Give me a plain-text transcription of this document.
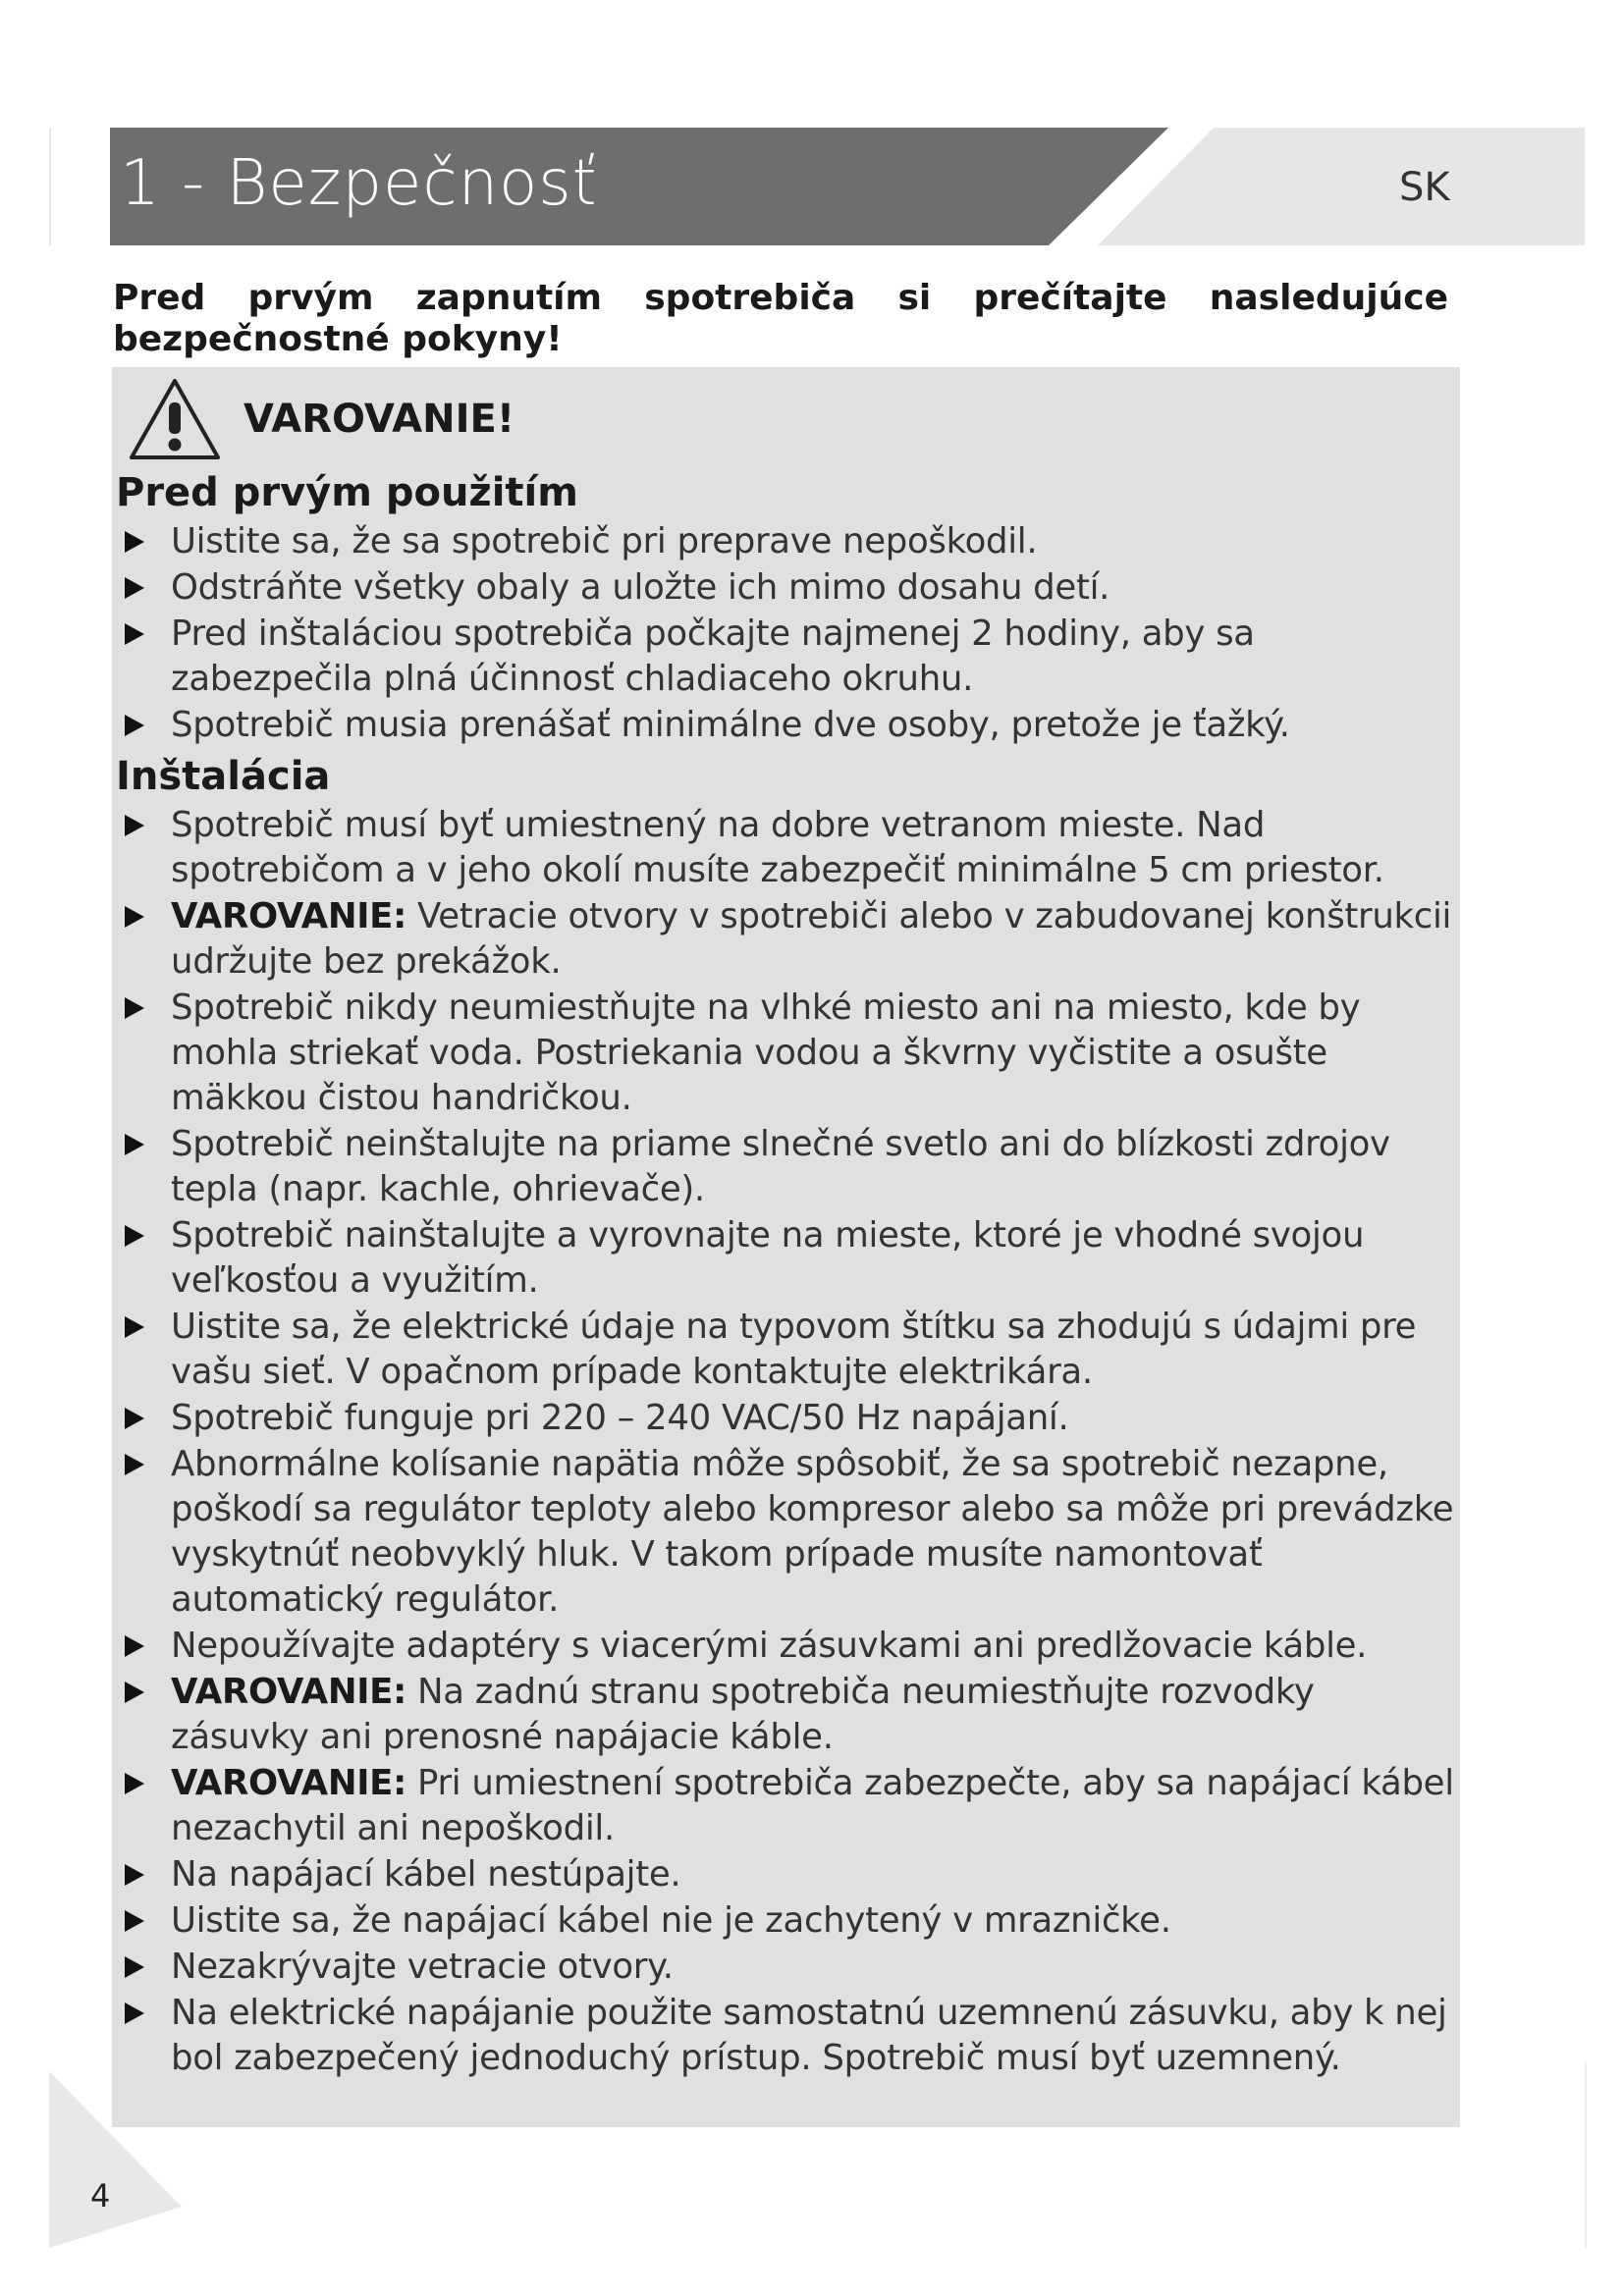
1 - Bezpečnosť	SK
Pred prvým zapnutím spotrebiča si prečítajte nasledujúce bezpečnostné pokyny!
VAROVANIE!
Pred prvým použitím
Uistite sa, že sa spotrebič pri preprave nepoškodil.
Odstráňte všetky obaly a uložte ich mimo dosahu detí.
Pred inštaláciou spotrebiča počkajte najmenej 2 hodiny, aby sa zabezpečila plná účinnosť chladiaceho okruhu.
Spotrebič musia prenášať minimálne dve osoby, pretože je ťažký.
Inštalácia
Spotrebič musí byť umiestnený na dobre vetranom mieste. Nad spotrebičom a v jeho okolí musíte zabezpečiť minimálne 5 cm priestor.
VAROVANIE: Vetracie otvory v spotrebiči alebo v zabudovanej konštrukcii udržujte bez prekážok.
Spotrebič nikdy neumiestňujte na vlhké miesto ani na miesto, kde by mohla striekať voda. Postriekania vodou a škvrny vyčistite a osušte mäkkou čistou handričkou.
Spotrebič neinštalujte na priame slnečné svetlo ani do blízkosti zdrojov tepla (napr. kachle, ohrievače).
Spotrebič nainštalujte a vyrovnajte na mieste, ktoré je vhodné svojou veľkosťou a využitím.
Uistite sa, že elektrické údaje na typovom štítku sa zhodujú s údajmi pre vašu sieť. V opačnom prípade kontaktujte elektrikára.
Spotrebič funguje pri 220 – 240 VAC/50 Hz napájaní.
Abnormálne kolísanie napätia môže spôsobiť, že sa spotrebič nezapne, poškodí sa regulátor teploty alebo kompresor alebo sa môže pri prevádzke vyskytnúť neobvyklý hluk. V takom prípade musíte namontovať automatický regulátor.
Nepoužívajte adaptéry s viacerými zásuvkami ani predlžovacie káble.
VAROVANIE: Na zadnú stranu spotrebiča neumiestňujte rozvodky zásuvky ani prenosné napájacie káble.
VAROVANIE: Pri umiestnení spotrebiča zabezpečte, aby sa napájací kábel nezachytil ani nepoškodil.
Na napájací kábel nestúpajte.
Uistite sa, že napájací kábel nie je zachytený v mrazničke.
Nezakrývajte vetracie otvory.
Na elektrické napájanie použite samostatnú uzemnenú zásuvku, aby k nej bol zabezpečený jednoduchý prístup. Spotrebič musí byť uzemnený.
4
